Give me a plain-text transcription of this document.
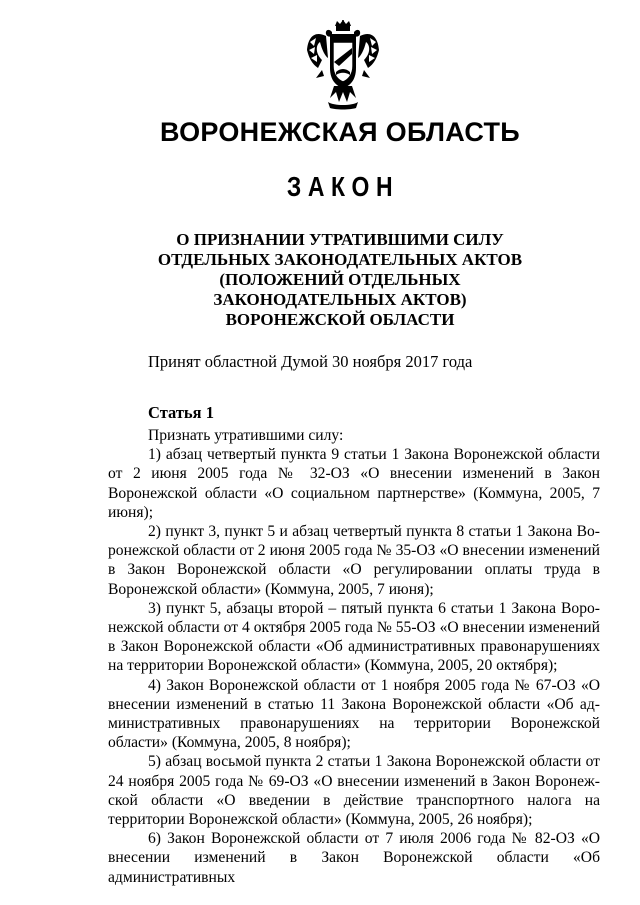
ВОРОНЕЖСКАЯ ОБЛАСТЬ
ЗАКОН
О ПРИЗНАНИИ УТРАТИВШИМИ СИЛУ
ОТДЕЛЬНЫХ ЗАКОНОДАТЕЛЬНЫХ АКТОВ
(ПОЛОЖЕНИЙ ОТДЕЛЬНЫХ
ЗАКОНОДАТЕЛЬНЫХ АКТОВ)
ВОРОНЕЖСКОЙ ОБЛАСТИ

Принят областной Думой 30 ноября 2017 года

Статья 1

Признать утратившими силу:

1) абзац четвертый пункта 9 статьи 1 Закона Воронежской области от 2 июня 2005 года № 32-ОЗ «О внесении изменений в Закон Воронежской области «О социальном партнерстве» (Коммуна, 2005, 7 июня);

2) пункт 3, пункт 5 и абзац четвертый пункта 8 статьи 1 Закона Воронежской области от 2 июня 2005 года № 35-ОЗ «О внесении изменений в Закон Воронежской области «О регулировании оплаты труда в Воронежской области» (Коммуна, 2005, 7 июня);

3) пункт 5, абзацы второй – пятый пункта 6 статьи 1 Закона Воронежской области от 4 октября 2005 года № 55-ОЗ «О внесении изменений в Закон Воронежской области «Об административных правонарушениях на территории Воронежской области» (Коммуна, 2005, 20 октября);

4) Закон Воронежской области от 1 ноября 2005 года № 67-ОЗ «О внесении изменений в статью 11 Закона Воронежской области «Об административных правонарушениях на территории Воронежской области» (Коммуна, 2005, 8 ноября);

5) абзац восьмой пункта 2 статьи 1 Закона Воронежской области от 24 ноября 2005 года № 69-ОЗ «О внесении изменений в Закон Воронежской области «О введении в действие транспортного налога на территории Воронежской области» (Коммуна, 2005, 26 ноября);

6) Закон Воронежской области от 7 июля 2006 года № 82-ОЗ «О внесении изменений в Закон Воронежской области «Об административных
